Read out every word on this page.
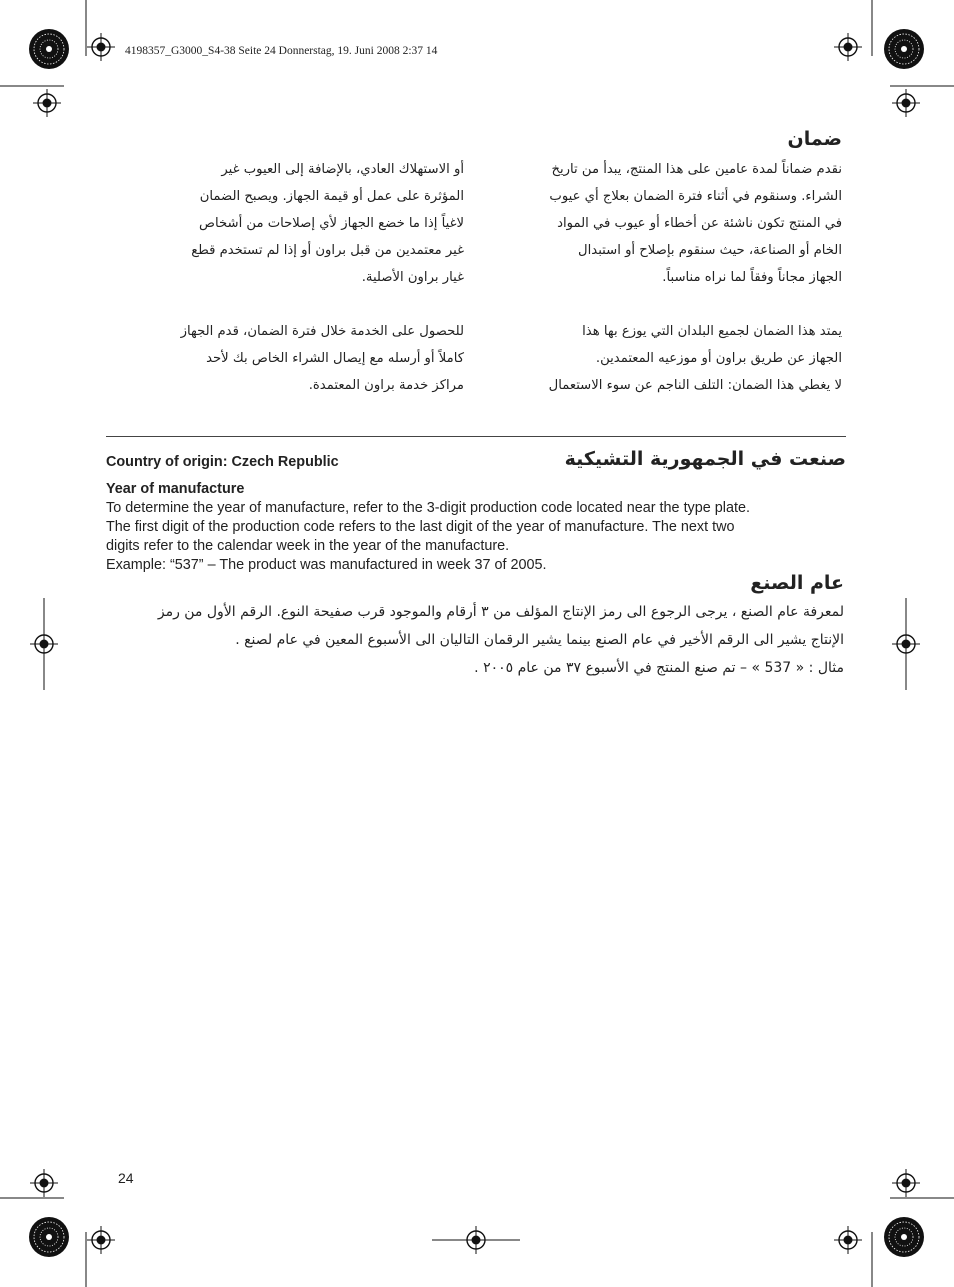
4198357_G3000_S4-38 Seite 24 Donnerstag, 19. Juni 2008 2:37 14
ضمان
نقدم ضماناً لمدة عامين على هذا المنتج، يبدأ من تاريخ
الشراء. وسنقوم في أثناء فترة الضمان بعلاج أي عيوب
في المنتج تكون ناشئة عن أخطاء أو عيوب في المواد
الخام أو الصناعة، حيث سنقوم بإصلاح أو استبدال
الجهاز مجاناً وفقاً لما نراه مناسباً.
يمتد هذا الضمان لجميع البلدان التي يوزع بها هذا
الجهاز عن طريق براون أو موزعيه المعتمدين.
لا يغطي هذا الضمان: التلف الناجم عن سوء الاستعمال
أو الاستهلاك العادي، بالإضافة إلى العيوب غير
المؤثرة على عمل أو قيمة الجهاز. ويصبح الضمان
لاغياً إذا ما خضع الجهاز لأي إصلاحات من أشخاص
غير معتمدين من قبل براون أو إذا لم تستخدم قطع
غيار براون الأصلية.
للحصول على الخدمة خلال فترة الضمان، قدم الجهاز
كاملاً أو أرسله مع إيصال الشراء الخاص بك لأحد
مراكز خدمة براون المعتمدة.
Country of origin: Czech Republic	صنعت في الجمهورية التشيكية
Year of manufacture
To determine the year of manufacture, refer to the 3-digit production code located near the type plate.
The first digit of the production code refers to the last digit of the year of manufacture. The next two
digits refer to the calendar week in the year of the manufacture.
Example: “537” – The product was manufactured in week 37 of 2005.
عام الصنع
لمعرفة عام الصنع ، يرجى الرجوع الى رمز الإنتاج المؤلف من ٣ أرقام والموجود قرب صفيحة النوع. الرقم الأول من رمز
الإنتاج يشير الى الرقم الأخير في عام الصنع بينما يشير الرقمان التاليان الى الأسبوع المعين في عام لصنع .
مثال : « 537 » – تم صنع المنتج في الأسبوع ٣٧ من عام ٢٠٠٥ .
24
